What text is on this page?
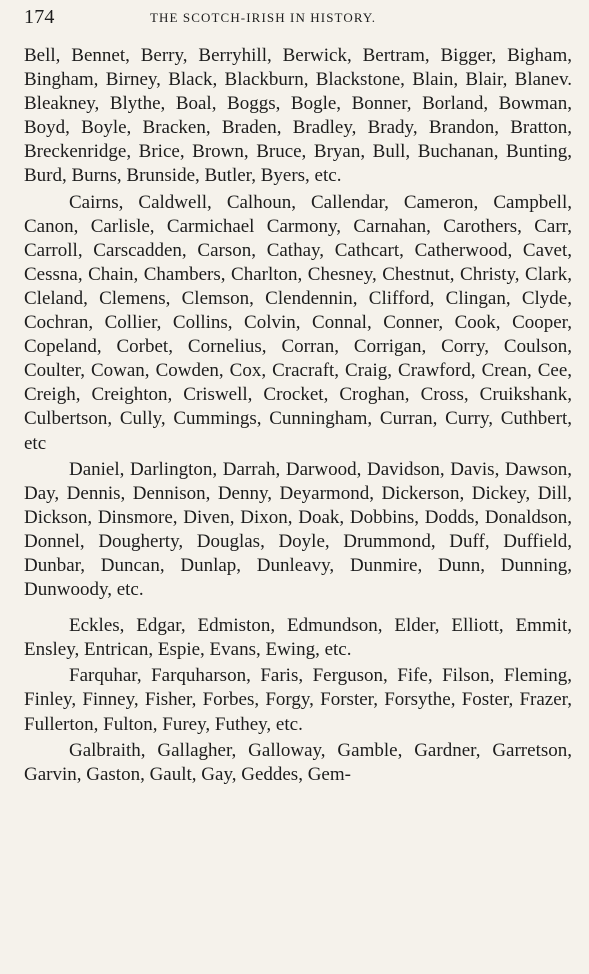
174	THE SCOTCH-IRISH IN HISTORY.

Bell, Bennet, Berry, Berryhill, Berwick, Bertram, Bigger, Bigham, Bingham, Birney, Black, Blackburn, Blackstone, Blain, Blair, Blanev. Bleakney, Blythe, Boal, Boggs, Bogle, Bonner, Borland, Bowman, Boyd, Boyle, Bracken, Braden, Bradley, Brady, Brandon, Bratton, Breckenridge, Brice, Brown, Bruce, Bryan, Bull, Buchanan, Bunting, Burd, Burns, Brunside, Butler, Byers, etc.

Cairns, Caldwell, Calhoun, Callendar, Cameron, Campbell, Canon, Carlisle, Carmichael Carmony, Carnahan, Carothers, Carr, Carroll, Carscadden, Carson, Cathay, Cathcart, Catherwood, Cavet, Cessna, Chain, Chambers, Charlton, Chesney, Chestnut, Christy, Clark, Cleland, Clemens, Clemson, Clendennin, Clifford, Clingan, Clyde, Cochran, Collier, Collins, Colvin, Connal, Conner, Cook, Cooper, Copeland, Corbet, Cornelius, Corran, Corrigan, Corry, Coulson, Coulter, Cowan, Cowden, Cox, Cracraft, Craig, Crawford, Crean, Cee, Creigh, Creighton, Criswell, Crocket, Croghan, Cross, Cruikshank, Culbertson, Cully, Cummings, Cunningham, Curran, Curry, Cuthbert, etc

Daniel, Darlington, Darrah, Darwood, Davidson, Davis, Dawson, Day, Dennis, Dennison, Denny, Deyarmond, Dickerson, Dickey, Dill, Dickson, Dinsmore, Diven, Dixon, Doak, Dobbins, Dodds, Donaldson, Donnel, Dougherty, Douglas, Doyle, Drummond, Duff, Duffield, Dunbar, Duncan, Dunlap, Dunleavy, Dunmire, Dunn, Dunning, Dunwoody, etc.

Eckles, Edgar, Edmiston, Edmundson, Elder, Elliott, Emmit, Ensley, Entrican, Espie, Evans, Ewing, etc.

Farquhar, Farquharson, Faris, Ferguson, Fife, Filson, Fleming, Finley, Finney, Fisher, Forbes, Forgy, Forster, Forsythe, Foster, Frazer, Fullerton, Fulton, Furey, Futhey, etc.

Galbraith, Gallagher, Galloway, Gamble, Gardner, Garretson, Garvin, Gaston, Gault, Gay, Geddes, Gem-
